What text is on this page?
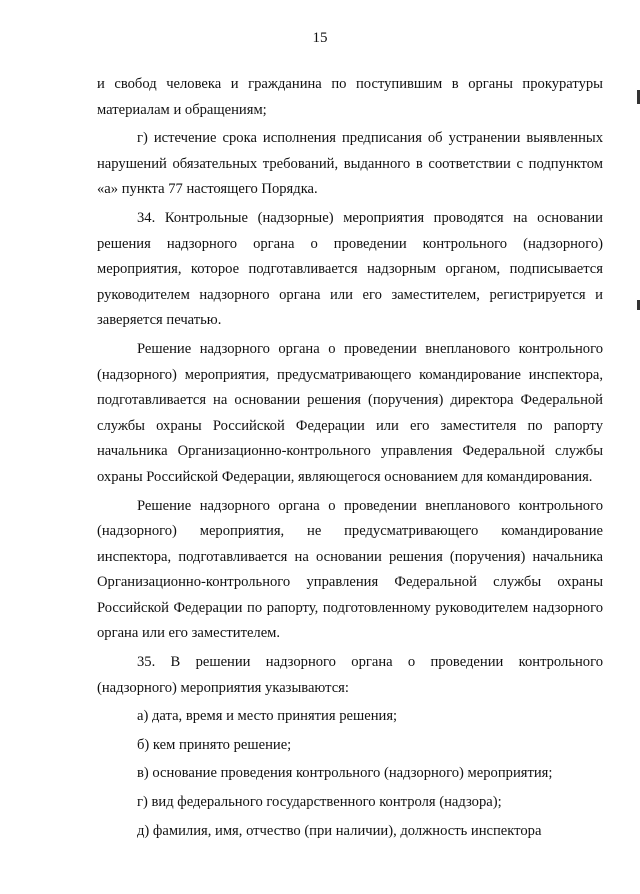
15

и свобод человека и гражданина по поступившим в органы прокуратуры материалам и обращениям;

г) истечение срока исполнения предписания об устранении выявленных нарушений обязательных требований, выданного в соответствии с подпунктом «а» пункта 77 настоящего Порядка.

34. Контрольные (надзорные) мероприятия проводятся на основании решения надзорного органа о проведении контрольного (надзорного) мероприятия, которое подготавливается надзорным органом, подписывается руководителем надзорного органа или его заместителем, регистрируется и заверяется печатью.

Решение надзорного органа о проведении внепланового контрольного (надзорного) мероприятия, предусматривающего командирование инспектора, подготавливается на основании решения (поручения) директора Федеральной службы охраны Российской Федерации или его заместителя по рапорту начальника Организационно-контрольного управления Федеральной службы охраны Российской Федерации, являющегося основанием для командирования.

Решение надзорного органа о проведении внепланового контрольного (надзорного) мероприятия, не предусматривающего командирование инспектора, подготавливается на основании решения (поручения) начальника Организационно-контрольного управления Федеральной службы охраны Российской Федерации по рапорту, подготовленному руководителем надзорного органа или его заместителем.

35. В решении надзорного органа о проведении контрольного (надзорного) мероприятия указываются:

а) дата, время и место принятия решения;

б) кем принято решение;

в) основание проведения контрольного (надзорного) мероприятия;

г) вид федерального государственного контроля (надзора);

д) фамилия, имя, отчество (при наличии), должность инспектора
